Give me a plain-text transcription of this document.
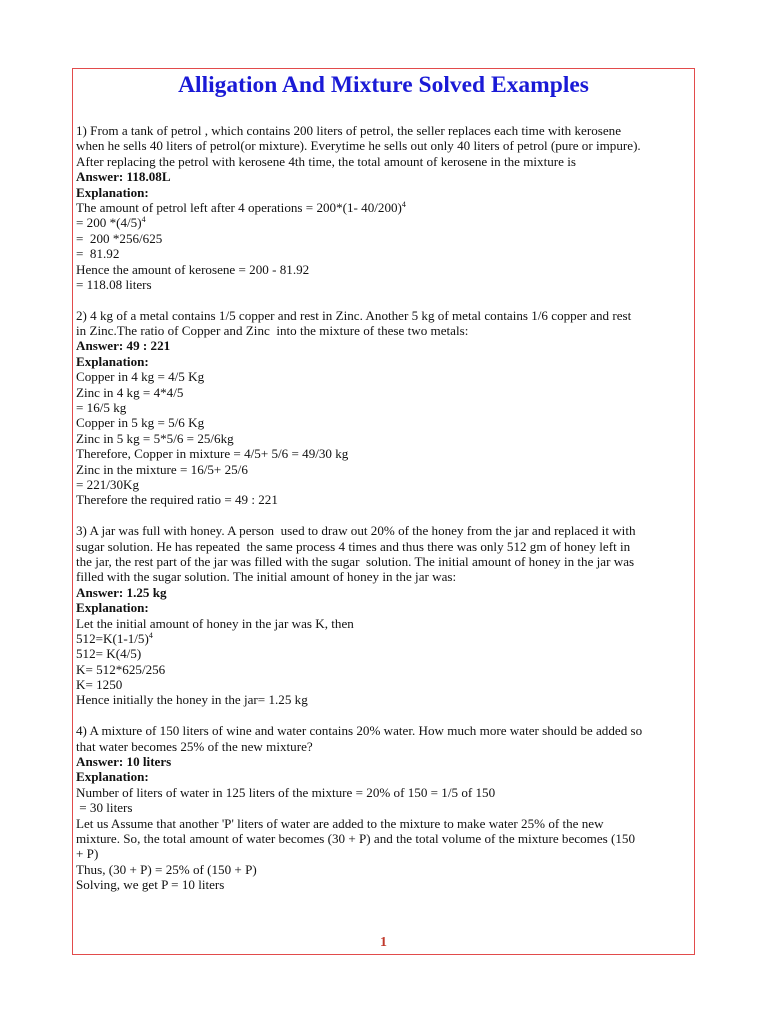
Alligation And Mixture Solved Examples
1) From a tank of petrol , which contains 200 liters of petrol, the seller replaces each time with kerosene
when he sells 40 liters of petrol(or mixture). Everytime he sells out only 40 liters of petrol (pure or impure).
After replacing the petrol with kerosene 4th time, the total amount of kerosene in the mixture is
Answer: 118.08L
Explanation:
The amount of petrol left after 4 operations = 200*(1- 40/200)$^4$
= 200 $*(4/5)^4$
=  200 *256/625
=  81.92
Hence the amount of kerosene = 200 - 81.92
= 118.08 liters
2) 4 kg of a metal contains 1/5 copper and rest in Zinc. Another 5 kg of metal contains 1/6 copper and rest
in Zinc.The ratio of Copper and Zinc  into the mixture of these two metals:
Answer: 49 : 221
Explanation:
Copper in 4 kg = 4/5 Kg
Zinc in 4 kg = 4*4/5
= 16/5 kg
Copper in 5 kg = 5/6 Kg
Zinc in 5 kg = 5*5/6 = 25/6kg
Therefore, Copper in mixture = 4/5+ 5/6 = 49/30 kg
Zinc in the mixture = 16/5+ 25/6
= 221/30Kg
Therefore the required ratio = 49 : 221
3) A jar was full with honey. A person  used to draw out 20% of the honey from the jar and replaced it with
sugar solution. He has repeated  the same process 4 times and thus there was only 512 gm of honey left in
the jar, the rest part of the jar was filled with the sugar  solution. The initial amount of honey in the jar was
filled with the sugar solution. The initial amount of honey in the jar was:
Answer: 1.25 kg
Explanation:
Let the initial amount of honey in the jar was K, then
$512=K(1-1/5)^4$
512= K(4/5)
K= 512*625/256
K= 1250
Hence initially the honey in the jar= 1.25 kg
4) A mixture of 150 liters of wine and water contains 20% water. How much more water should be added so
that water becomes 25% of the new mixture?
Answer: 10 liters
Explanation:
Number of liters of water in 125 liters of the mixture = 20% of 150 = 1/5 of 150
= 30 liters
Let us Assume that another 'P' liters of water are added to the mixture to make water 25% of the new
mixture. So, the total amount of water becomes (30 + P) and the total volume of the mixture becomes (150
+ P)
Thus, (30 + P) = 25% of (150 + P)
Solving, we get P = 10 liters
1
